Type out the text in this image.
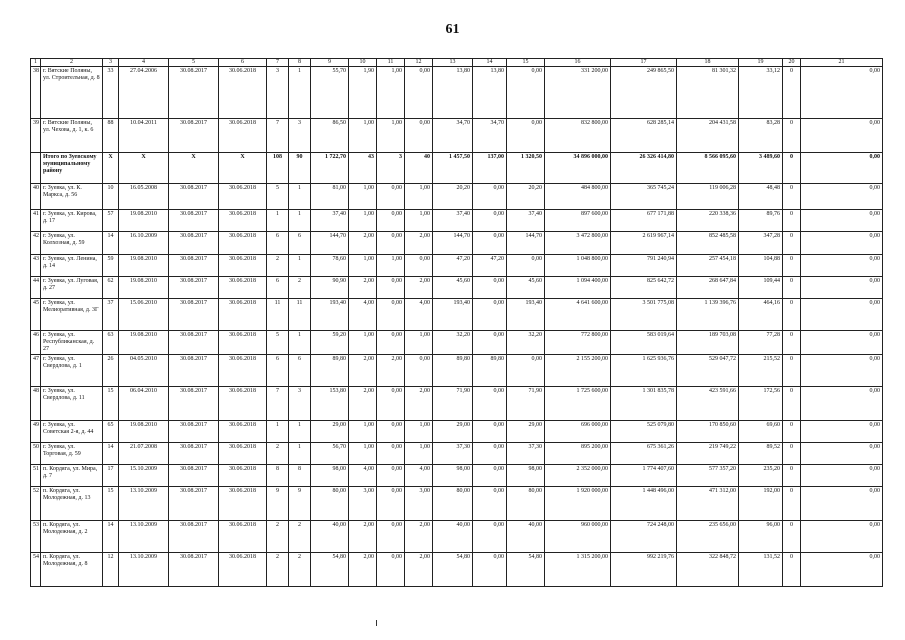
61
1	2	3	4	5	6	7	8	9	10	11	12	13	14	15	16	17	18	19	20	21
38	г. Вятские Поляны, ул. Строителъная, д. 8	33	27.04.2006	30.08.2017	30.06.2018	3	1	55,70	1,90	1,00	0,00	13,80	13,80	0,00	331 200,00	249 865,50	81 301,32	33,12	0	0,00
39	г. Вятские Поляны, ул. Чехова, д. 1, к. 6	88	10.04.2011	30.08.2017	30.06.2018	7	3	86,50	1,00	1,00	0,00	34,70	34,70	0,00	832 800,00	628 285,14	204 431,58	83,28	0	0,00
	Итого по Зуевскому муниципальному району	X	X	X	X	108	90	1 722,70	43	3	40	1 457,50	137,00	1 320,50	34 896 000,00	26 326 414,80	8 566 095,60	3 489,60	0	0,00
40	г. Зуевка, ул. К. Маркса, д. 56	10	16.05.2008	30.08.2017	30.06.2018	5	1	81,00	1,00	0,00	1,00	20,20	0,00	20,20	484 800,00	365 745,24	119 006,28	48,48	0	0,00
41	г. Зуевка, ул. Кирова, д. 17	57	19.08.2010	30.08.2017	30.06.2018	1	1	37,40	1,00	0,00	1,00	37,40	0,00	37,40	897 600,00	677 171,88	220 338,36	89,76	0	0,00
42	г. Зуевка, ул. Колхозная, д. 59	14	16.10.2009	30.08.2017	30.06.2018	6	6	144,70	2,00	0,00	2,00	144,70	0,00	144,70	3 472 800,00	2 619 967,14	852 485,58	347,28	0	0,00
43	г. Зуевка, ул. Ленина, д. 14	59	19.08.2010	30.08.2017	30.06.2018	2	1	78,60	1,00	1,00	0,00	47,20	47,20	0,00	1 048 800,00	791 240,94	257 454,18	104,88	0	0,00
44	г. Зуевка, ул. Луговая, д. 27	62	19.08.2010	30.08.2017	30.06.2018	6	2	90,90	2,00	0,00	2,00	45,60	0,00	45,60	1 094 400,00	825 642,72	268 647,84	109,44	0	0,00
45	г. Зуевка, ул. Мелиоративная, д. 3Г	37	15.06.2010	30.08.2017	30.06.2018	11	11	193,40	4,00	0,00	4,00	193,40	0,00	193,40	4 641 600,00	3 501 775,08	1 139 396,76	464,16	0	0,00
46	г. Зуевка, ул. Республиканская, д. 27	63	19.08.2010	30.08.2017	30.06.2018	5	1	59,20	1,00	0,00	1,00	32,20	0,00	32,20	772 800,00	583 019,64	189 703,08	77,28	0	0,00
47	г. Зуевка, ул. Свердлова, д. 1	26	04.05.2010	30.08.2017	30.06.2018	6	6	89,80	2,00	2,00	0,00	89,80	89,80	0,00	2 155 200,00	1 625 936,76	529 047,72	215,52	0	0,00
48	г. Зуевка, ул. Свердлова, д. 11	15	06.04.2010	30.08.2017	30.06.2018	7	3	153,80	2,00	0,00	2,00	71,90	0,00	71,90	1 725 600,00	1 301 835,78	423 591,66	172,56	0	0,00
49	г. Зуевка, ул. Советская 2-я, д. 44	65	19.08.2010	30.08.2017	30.06.2018	1	1	29,00	1,00	0,00	1,00	29,00	0,00	29,00	696 000,00	525 079,80	170 850,60	69,60	0	0,00
50	г. Зуевка, ул. Торговая, д. 59	14	21.07.2008	30.08.2017	30.06.2018	2	1	56,70	1,00	0,00	1,00	37,30	0,00	37,30	895 200,00	675 361,26	219 749,22	89,52	0	0,00
51	п. Кордяга, ул. Мира, д. 7	17	15.10.2009	30.08.2017	30.06.2018	8	8	98,00	4,00	0,00	4,00	98,00	0,00	98,00	2 352 000,00	1 774 407,60	577 357,20	235,20	0	0,00
52	п. Кордяга, ул. Молодежная, д. 13	15	13.10.2009	30.08.2017	30.06.2018	9	9	80,00	3,00	0,00	3,00	80,00	0,00	80,00	1 920 000,00	1 448 496,00	471 312,00	192,00	0	0,00
53	п. Кордяга, ул. Молодежная, д. 2	14	13.10.2009	30.08.2017	30.06.2018	2	2	40,00	2,00	0,00	2,00	40,00	0,00	40,00	960 000,00	724 248,00	235 656,00	96,00	0	0,00
54	п. Кордяга, ул. Молодежная, д. 8	12	13.10.2009	30.08.2017	30.06.2018	2	2	54,80	2,00	0,00	2,00	54,80	0,00	54,80	1 315 200,00	992 219,76	322 848,72	131,52	0	0,00
